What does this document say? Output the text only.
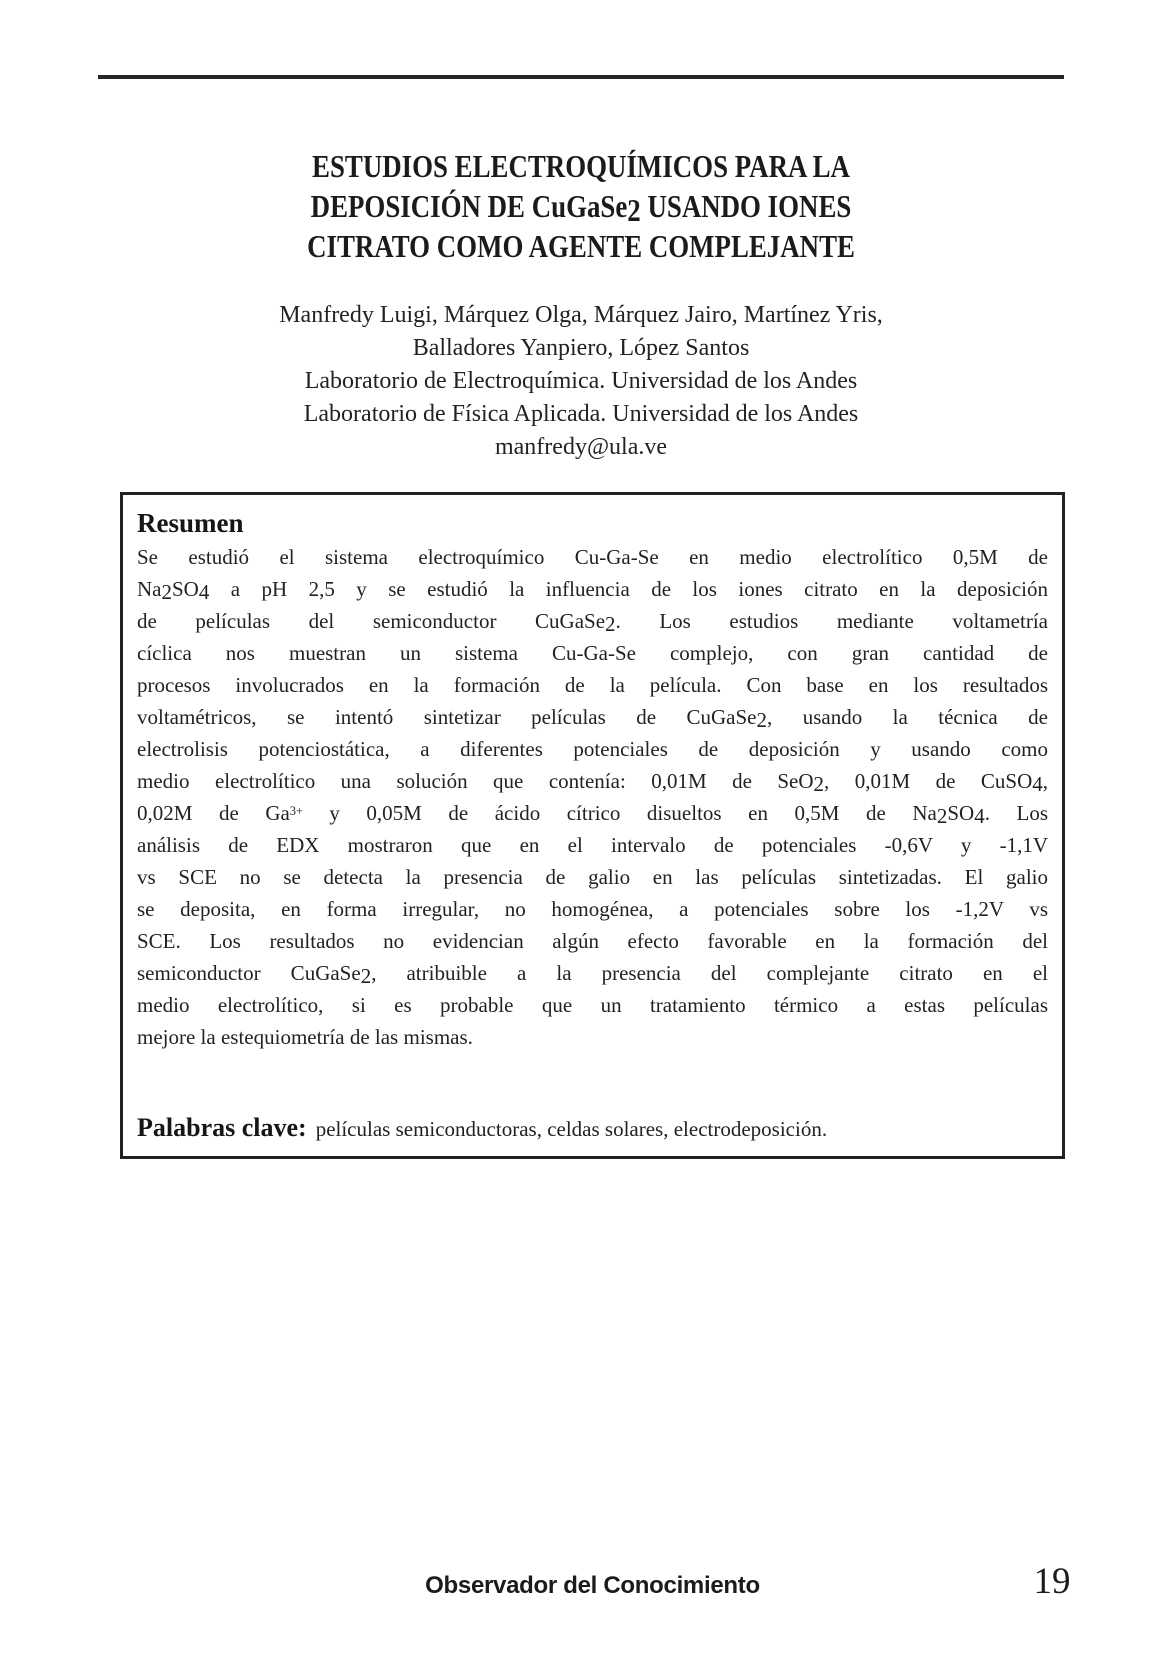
ESTUDIOS ELECTROQUÍMICOS PARA LA
DEPOSICIÓN DE CuGaSe2 USANDO IONES
CITRATO COMO AGENTE COMPLEJANTE
Manfredy Luigi, Márquez Olga, Márquez Jairo, Martínez Yris,
Balladores Yanpiero, López Santos
Laboratorio de Electroquímica. Universidad de los Andes
Laboratorio de Física Aplicada. Universidad de los Andes
manfredy@ula.ve
Resumen
Se estudió el sistema electroquímico Cu-Ga-Se en medio electrolítico 0,5M de
Na2SO4 a pH 2,5 y se estudió la influencia de los iones citrato en la deposición
de películas del semiconductor CuGaSe2. Los estudios mediante voltametría
cíclica nos muestran un sistema Cu-Ga-Se complejo, con gran cantidad de
procesos involucrados en la formación de la película. Con base en los resultados
voltamétricos, se intentó sintetizar películas de CuGaSe2, usando la técnica de
electrolisis potenciostática, a diferentes potenciales de deposición y usando como
medio electrolítico una solución que contenía: 0,01M de SeO2, 0,01M de CuSO4,
0,02M de $Ga^{3+}$ y 0,05M de ácido cítrico disueltos en 0,5M de Na2SO4. Los
análisis de EDX mostraron que en el intervalo de potenciales -0,6V y -1,1V
vs SCE no se detecta la presencia de galio en las películas sintetizadas. El galio
se deposita, en forma irregular, no homogénea, a potenciales sobre los -1,2V vs
SCE. Los resultados no evidencian algún efecto favorable en la formación del
semiconductor CuGaSe2, atribuible a la presencia del complejante citrato en el
medio electrolítico, si es probable que un tratamiento térmico a estas películas
mejore la estequiometría de las mismas.
Palabras clave: películas semiconductoras, celdas solares, electrodeposición.
Observador del Conocimiento	19
